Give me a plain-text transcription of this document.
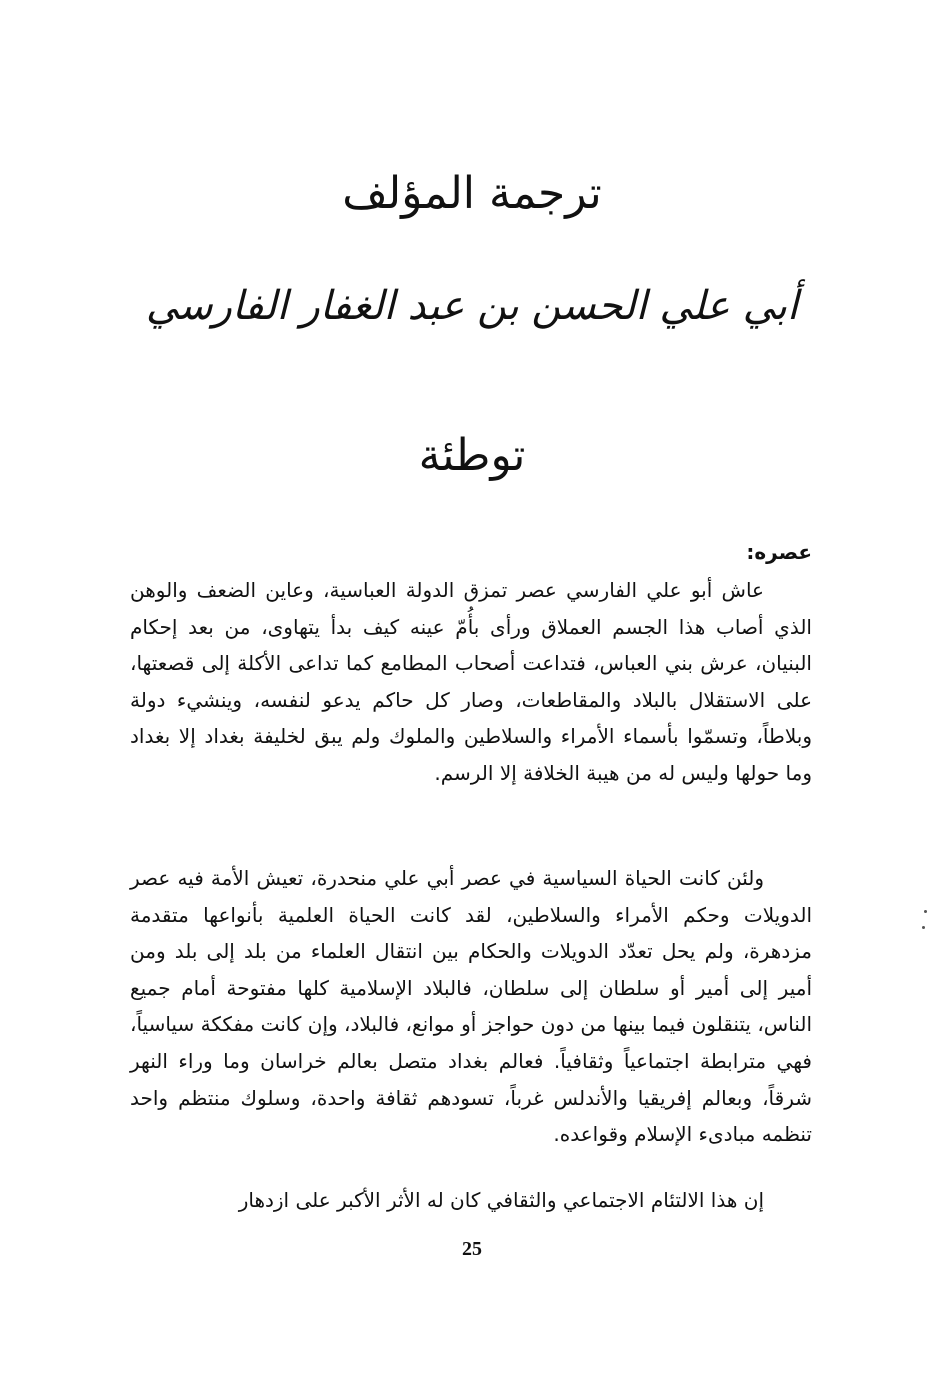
ترجمة المؤلف
أبي علي الحسن بن عبد الغفار الفارسي
توطئة
عصره:

عاش أبو علي الفارسي عصر تمزق الدولة العباسية، وعاين الضعف والوهن الذي أصاب هذا الجسم العملاق ورأى بأُمّ عينه كيف بدأ يتهاوى، من بعد إحكام البنيان، عرش بني العباس، فتداعت أصحاب المطامع كما تداعى الأكلة إلى قصعتها، على الاستقلال بالبلاد والمقاطعات، وصار كل حاكم يدعو لنفسه، وينشيء دولة وبلاطاً، وتسمّوا بأسماء الأمراء والسلاطين والملوك ولم يبق لخليفة بغداد إلا بغداد وما حولها وليس له من هيبة الخلافة إلا الرسم.

ولئن كانت الحياة السياسية في عصر أبي علي منحدرة، تعيش الأمة فيه عصر الدويلات وحكم الأمراء والسلاطين، لقد كانت الحياة العلمية بأنواعها متقدمة مزدهرة، ولم يحل تعدّد الدويلات والحكام بين انتقال العلماء من بلد إلى بلد ومن أمير إلى أمير أو سلطان إلى سلطان، فالبلاد الإسلامية كلها مفتوحة أمام جميع الناس، يتنقلون فيما بينها من دون حواجز أو موانع، فالبلاد، وإن كانت مفككة سياسياً، فهي مترابطة اجتماعياً وثقافياً. فعالم بغداد متصل بعالم خراسان وما وراء النهر شرقاً، وبعالم إفريقيا والأندلس غرباً، تسودهم ثقافة واحدة، وسلوك منتظم واحد تنظمه مبادىء الإسلام وقواعده.

إن هذا الالتئام الاجتماعي والثقافي كان له الأثر الأكبر على ازدهار

25
